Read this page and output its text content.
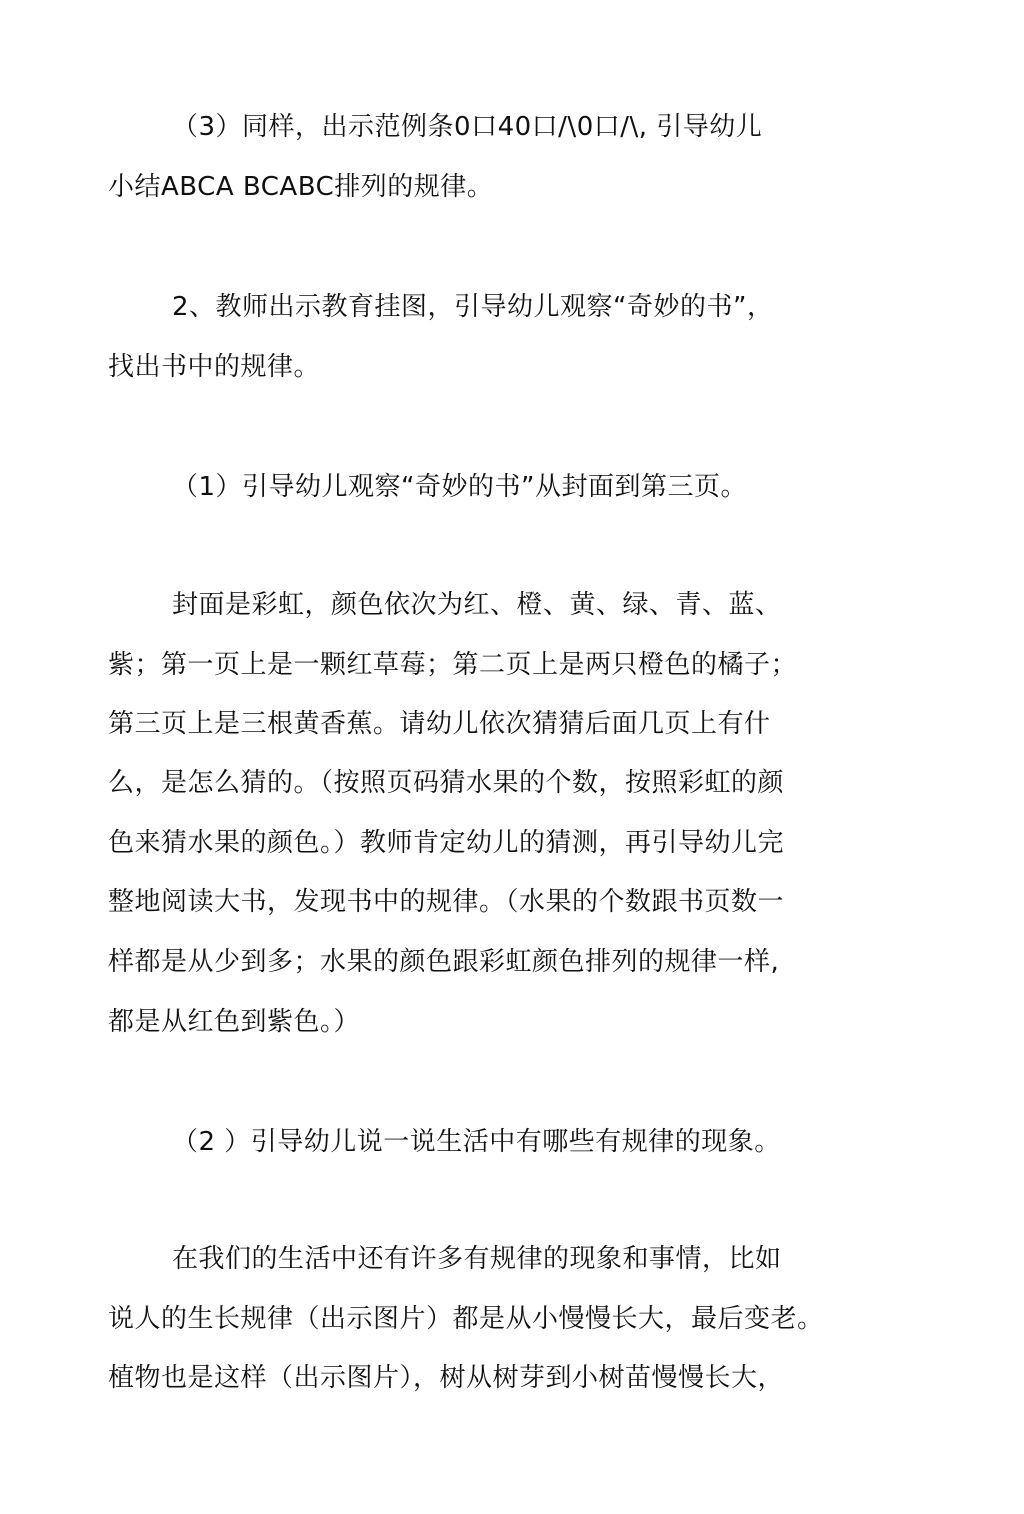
（3）同样，出示范例条0口40口/\0口/\, 引导幼儿
小结ABCA BCABC排列的规律。
2、教师出示教育挂图，引导幼儿观察“奇妙的书”，
找出书中的规律。
（1）引导幼儿观察“奇妙的书”从封面到第三页。
封面是彩虹，颜色依次为红、橙、黄、绿、青、蓝、
紫；第一页上是一颗红草莓；第二页上是两只橙色的橘子；
第三页上是三根黄香蕉。请幼儿依次猜猜后面几页上有什
么，是怎么猜的。（按照页码猜水果的个数，按照彩虹的颜
色来猜水果的颜色。）教师肯定幼儿的猜测，再引导幼儿完
整地阅读大书，发现书中的规律。（水果的个数跟书页数一
样都是从少到多；水果的颜色跟彩虹颜色排列的规律一样,
都是从红色到紫色。）
（2 ）引导幼儿说一说生活中有哪些有规律的现象。
在我们的生活中还有许多有规律的现象和事情，比如
说人的生长规律（出示图片）都是从小慢慢长大，最后变老。
植物也是这样（出示图片），树从树芽到小树苗慢慢长大，
